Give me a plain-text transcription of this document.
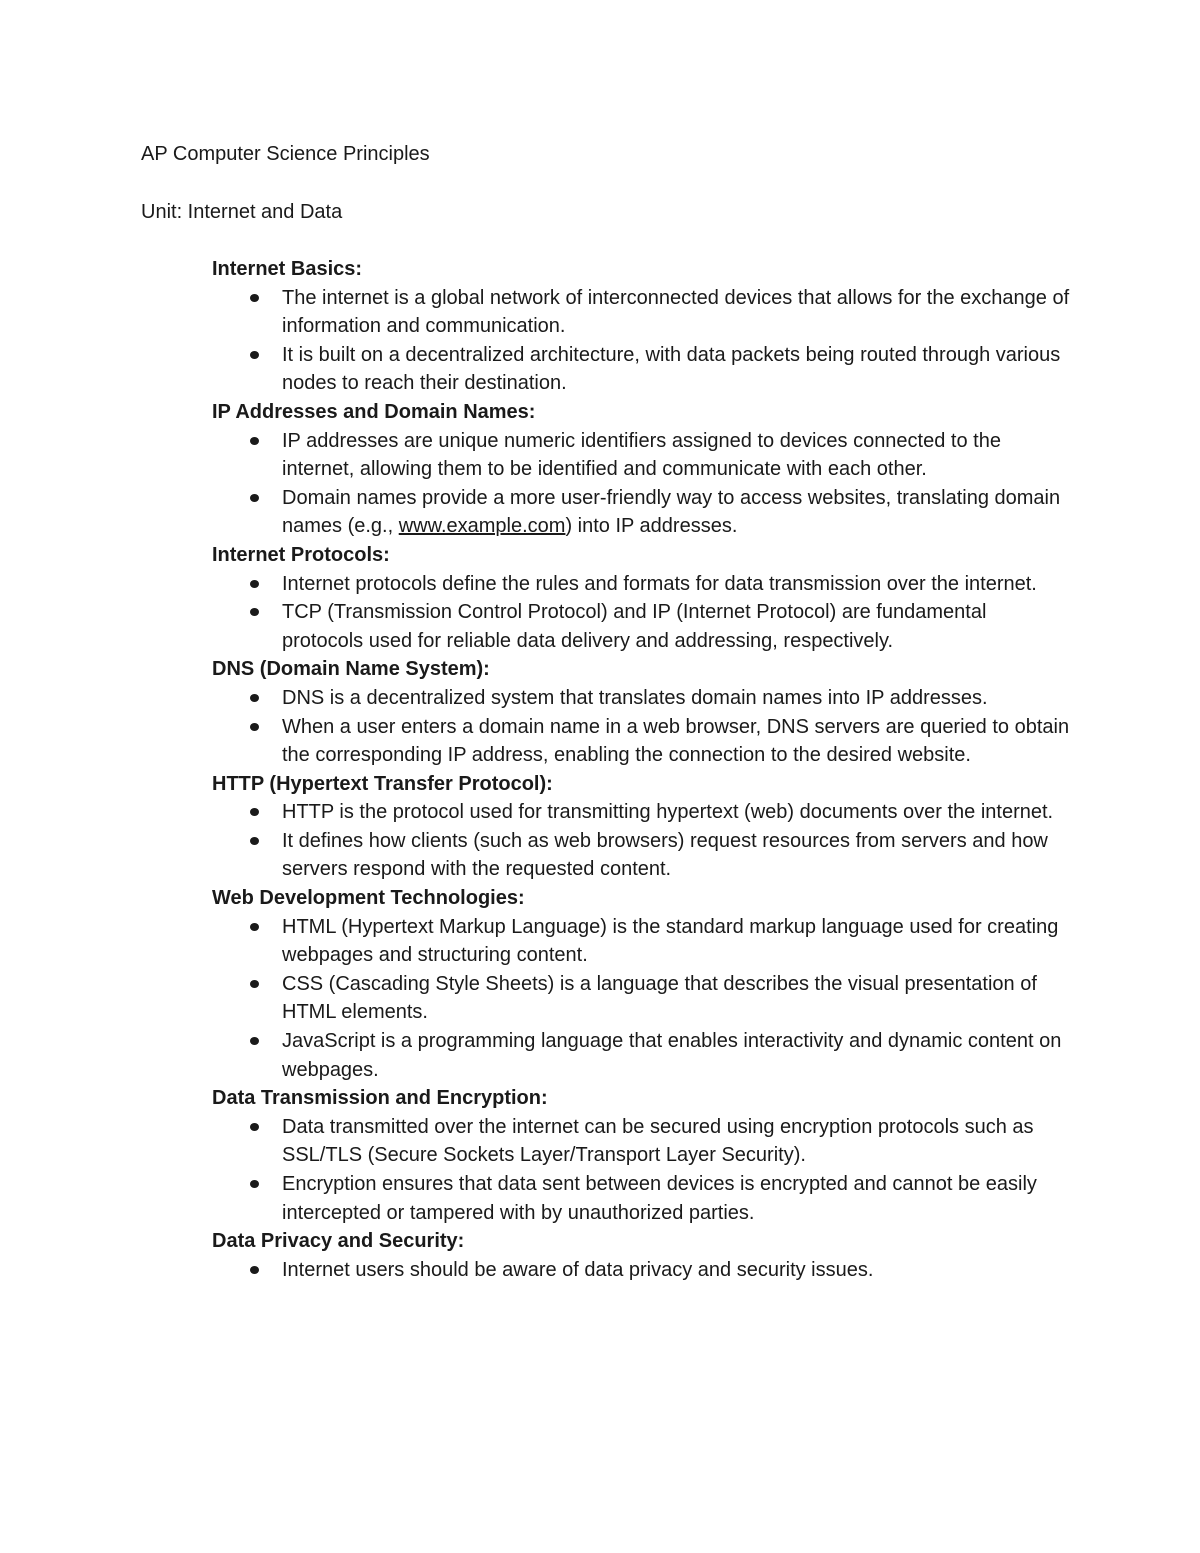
AP Computer Science Principles
Unit: Internet and Data
Internet Basics:
The internet is a global network of interconnected devices that allows for the exchange of information and communication.
It is built on a decentralized architecture, with data packets being routed through various nodes to reach their destination.
IP Addresses and Domain Names:
IP addresses are unique numeric identifiers assigned to devices connected to the internet, allowing them to be identified and communicate with each other.
Domain names provide a more user-friendly way to access websites, translating domain names (e.g., www.example.com) into IP addresses.
Internet Protocols:
Internet protocols define the rules and formats for data transmission over the internet.
TCP (Transmission Control Protocol) and IP (Internet Protocol) are fundamental protocols used for reliable data delivery and addressing, respectively.
DNS (Domain Name System):
DNS is a decentralized system that translates domain names into IP addresses.
When a user enters a domain name in a web browser, DNS servers are queried to obtain the corresponding IP address, enabling the connection to the desired website.
HTTP (Hypertext Transfer Protocol):
HTTP is the protocol used for transmitting hypertext (web) documents over the internet.
It defines how clients (such as web browsers) request resources from servers and how servers respond with the requested content.
Web Development Technologies:
HTML (Hypertext Markup Language) is the standard markup language used for creating webpages and structuring content.
CSS (Cascading Style Sheets) is a language that describes the visual presentation of HTML elements.
JavaScript is a programming language that enables interactivity and dynamic content on webpages.
Data Transmission and Encryption:
Data transmitted over the internet can be secured using encryption protocols such as SSL/TLS (Secure Sockets Layer/Transport Layer Security).
Encryption ensures that data sent between devices is encrypted and cannot be easily intercepted or tampered with by unauthorized parties.
Data Privacy and Security:
Internet users should be aware of data privacy and security issues.
